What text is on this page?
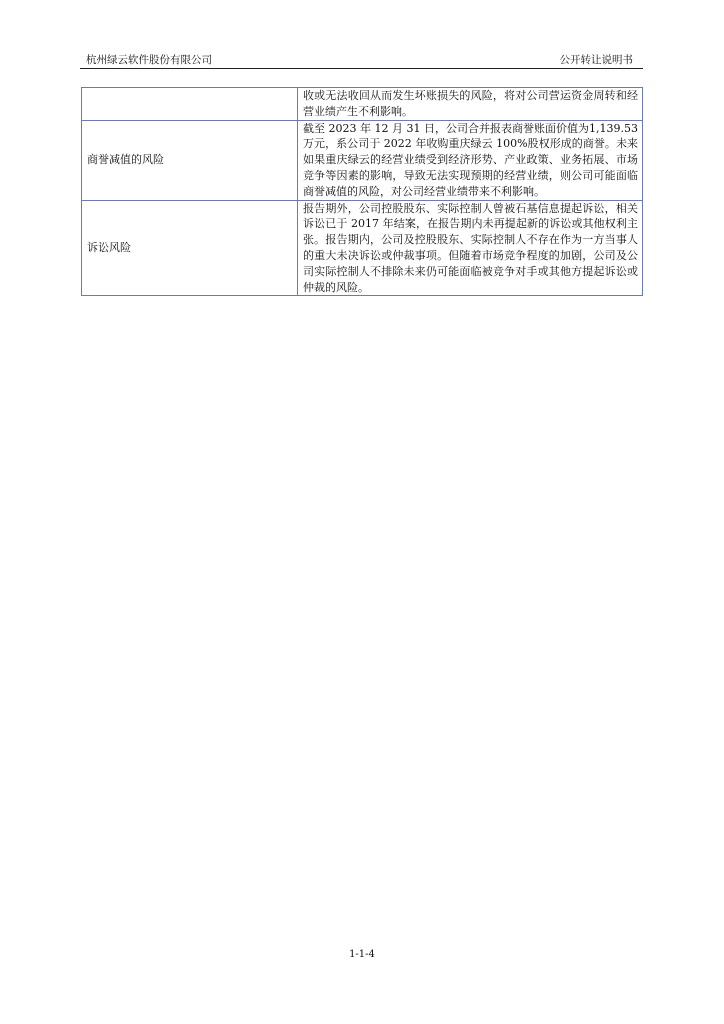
杭州绿云软件股份有限公司	公开转让说明书
	收或无法收回从而发生坏账损失的风险，将对公司营运资金周转和经营业绩产生不利影响。
商誉减值的风险	截至 2023 年 12 月 31 日，公司合并报表商誉账面价值为1,139.53 万元，系公司于 2022 年收购重庆绿云 100%股权形成的商誉。未来如果重庆绿云的经营业绩受到经济形势、产业政策、业务拓展、市场竞争等因素的影响，导致无法实现预期的经营业绩，则公司可能面临商誉减值的风险，对公司经营业绩带来不利影响。
诉讼风险	报告期外，公司控股股东、实际控制人曾被石基信息提起诉讼，相关诉讼已于 2017 年结案，在报告期内未再提起新的诉讼或其他权利主张。报告期内，公司及控股股东、实际控制人不存在作为一方当事人的重大未决诉讼或仲裁事项。但随着市场竞争程度的加剧，公司及公司实际控制人不排除未来仍可能面临被竞争对手或其他方提起诉讼或仲裁的风险。
1-1-4
